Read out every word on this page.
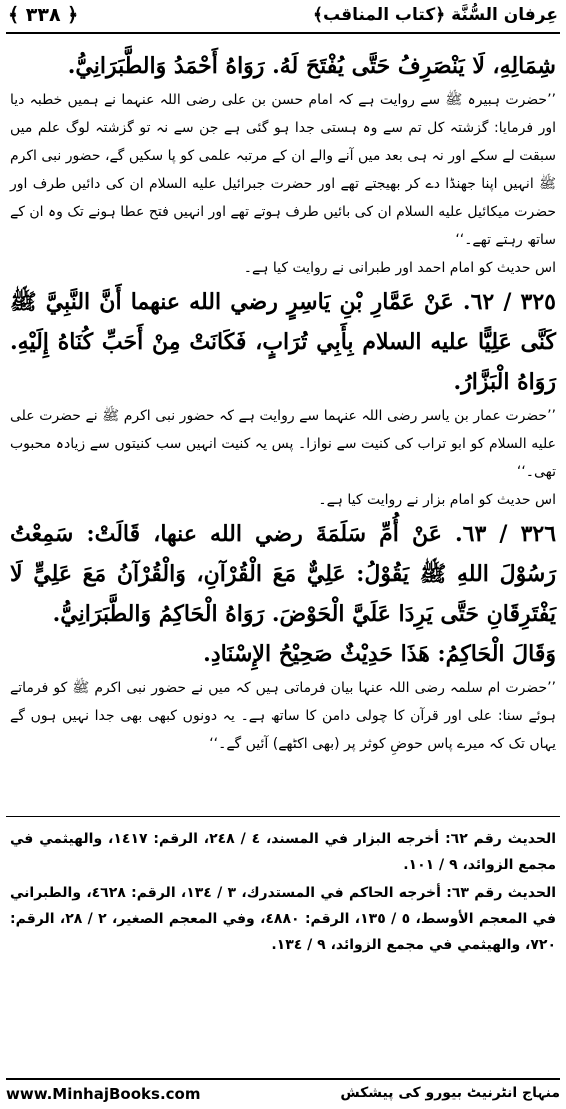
﴾ ۳۳۸ ﴿	عِرفان السُّنَّة ﴿کتاب المناقب﴾

شِمَالِهِ، لَا يَنْصَرِفُ حَتَّى يُفْتَحَ لَهُ. رَوَاهُ أَحْمَدُ وَالطَّبَرَانِيُّ.

’’حضرت ہبیرہ ﷺ سے روایت ہے کہ امام حسن بن علی رضی اللہ عنہما نے ہمیں خطبہ دیا اور فرمایا: گزشتہ کل تم سے وہ ہستی جدا ہو گئی ہے جن سے نہ تو گزشتہ لوگ علم میں سبقت لے سکے اور نہ ہی بعد میں آنے والے ان کے مرتبہ علمی کو پا سکیں گے، حضور نبی اکرم ﷺ انہیں اپنا جھنڈا دے کر بھیجتے تھے اور حضرت جبرائیل عليه السلام ان کی دائیں طرف اور حضرت میکائیل عليه السلام ان کی بائیں طرف ہوتے تھے اور انہیں فتح عطا ہونے تک وہ ان کے ساتھ رہتے تھے۔‘‘

اس حدیث کو امام احمد اور طبرانی نے روایت کیا ہے۔

٣٢٥ / ٦٢. عَنْ عَمَّارِ بْنِ يَاسِرٍ رضي الله عنهما أَنَّ النَّبِيَّ ﷺ كَنَّى عَلِيًّا عليه السلام بِأَبِي تُرَابٍ، فَكَانَتْ مِنْ أَحَبِّ كُنَاهُ إِلَيْهِ. رَوَاهُ الْبَزَّارُ.

’’حضرت عمار بن یاسر رضی اللہ عنہما سے روایت ہے کہ حضور نبی اکرم ﷺ نے حضرت علی عليه السلام کو ابو تراب کی کنیت سے نوازا۔ پس یہ کنیت انہیں سب کنیتوں سے زیادہ محبوب تھی۔‘‘

اس حدیث کو امام بزار نے روایت کیا ہے۔

٣٢٦ / ٦٣. عَنْ أُمِّ سَلَمَةَ رضي الله عنها، قَالَتْ: سَمِعْتُ رَسُوْلَ اللهِ ﷺ يَقُوْلُ: عَلِيٌّ مَعَ الْقُرْآنِ، وَالْقُرْآنُ مَعَ عَلِيٍّ لَا يَفْتَرِقَانِ حَتَّى يَرِدَا عَلَيَّ الْحَوْضَ. رَوَاهُ الْحَاكِمُ وَالطَّبَرَانِيُّ.

وَقَالَ الْحَاكِمُ: هَذَا حَدِيْثٌ صَحِيْحُ الإِسْنَادِ.

’’حضرت ام سلمہ رضی اللہ عنہا بیان فرماتی ہیں کہ میں نے حضور نبی اکرم ﷺ کو فرماتے ہوئے سنا: علی اور قرآن کا چولی دامن کا ساتھ ہے۔ یہ دونوں کبھی بھی جدا نہیں ہوں گے یہاں تک کہ میرے پاس حوضِ کوثر پر (بھی اکٹھے) آئیں گے۔‘‘

الحديث رقم ٦٢: أخرجه البزار في المسند، ٤ / ٢٤٨، الرقم: ١٤١٧، والهيثمي في مجمع الزوائد، ٩ / ١٠١.

الحديث رقم ٦٣: أخرجه الحاكم في المستدرك، ٣ / ١٣٤، الرقم: ٤٦٢٨، والطبراني في المعجم الأوسط، ٥ / ١٣٥، الرقم: ٤٨٨٠، وفي المعجم الصغير، ٢ / ٢٨، الرقم: ٧٢٠، والهيثمي في مجمع الزوائد، ٩ / ١٣٤.

www.MinhajBooks.com	منہاج انٹرنیٹ بیورو کی پیشکش
